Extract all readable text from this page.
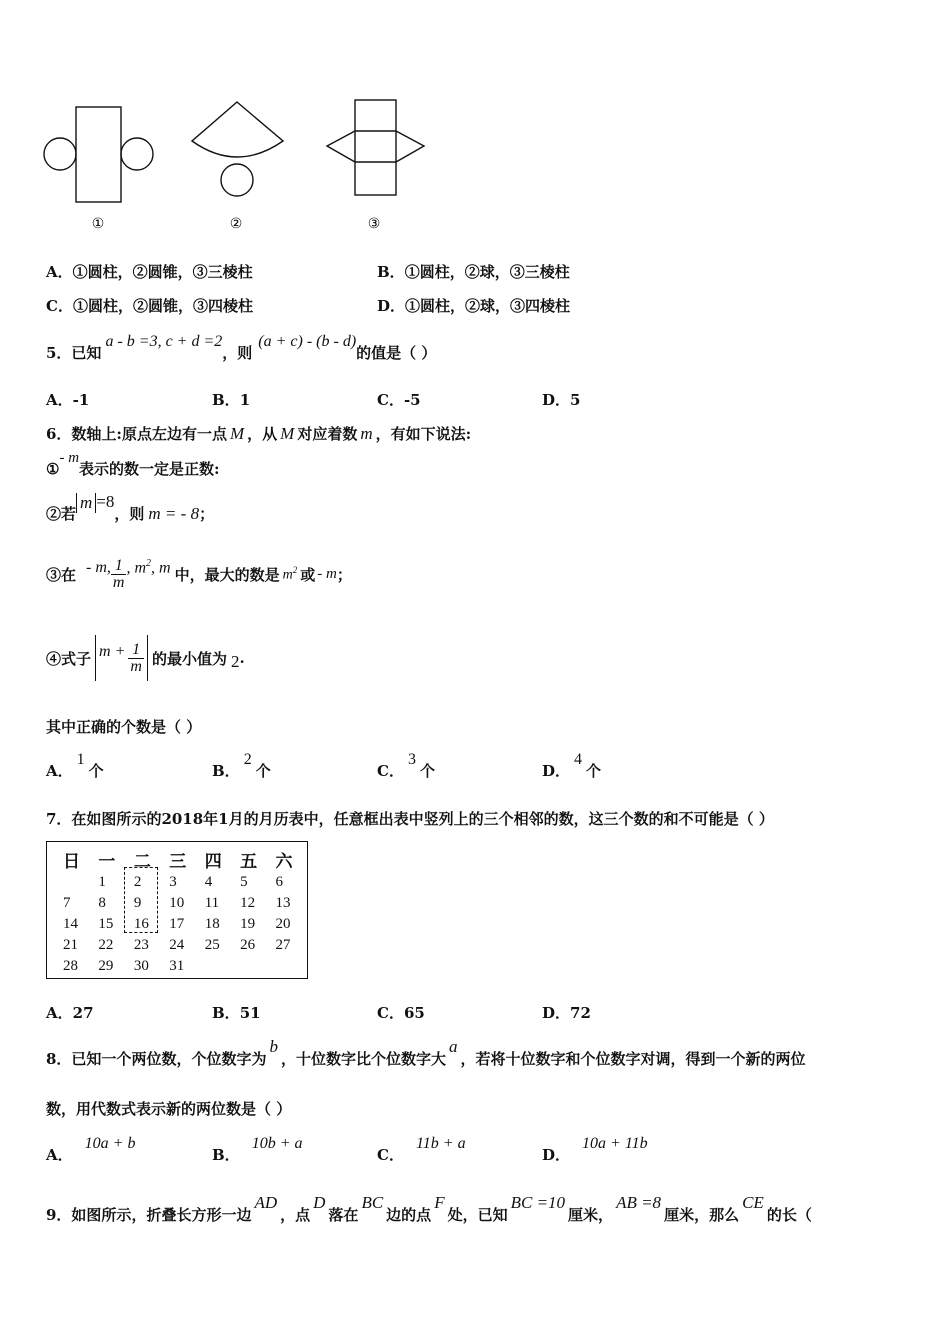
①	②	③
A．①圆柱，②圆锥，③三棱柱	B．①圆柱，②球，③三棱柱
C．①圆柱，②圆锥，③四棱柱	D．①圆柱，②球，③四棱柱
5．已知a - b =3, c + d =2，则(a + c) - (b - d)的值是（ ）
A．-1	B．1	C．-5	D．5
6．数轴上:原点左边有一点 M ，从 M 对应着数 m ，有如下说法:
①- m表示的数一定是正数:
②若m =8，则 m = - 8；
③在 - m, $\frac{1}{m}$ , $m^2$, m 中，最大的数是 $m^2$ 或 - m ；
④式子 $m + \frac{1}{m}$ 的最小值为 2 .
其中正确的个数是（ ）
A．1个	B．2个	C．3个	D．4个
7．在如图所示的2018年1月的月历表中，任意框出表中竖列上的三个相邻的数，这三个数的和不可能是（ ）
日	一	二	三	四	五	六
	1	2	3	4	5	6
7	8	9	10	11	12	13
14	15	16	17	18	19	20
21	22	23	24	25	26	27
28	29	30	31			
A．27	B．51	C．65	D．72
8．已知一个两位数，个位数字为b，十位数字比个位数字大a，若将十位数字和个位数字对调，得到一个新的两位
数，用代数式表示新的两位数是（ ）
A．10a + b
B．10b + a
C．11b + a
D．10a + 11b
9．如图所示，折叠长方形一边AD，点D落在BC边的点F处，已知BC =10厘米，AB =8厘米，那么CE的长（
